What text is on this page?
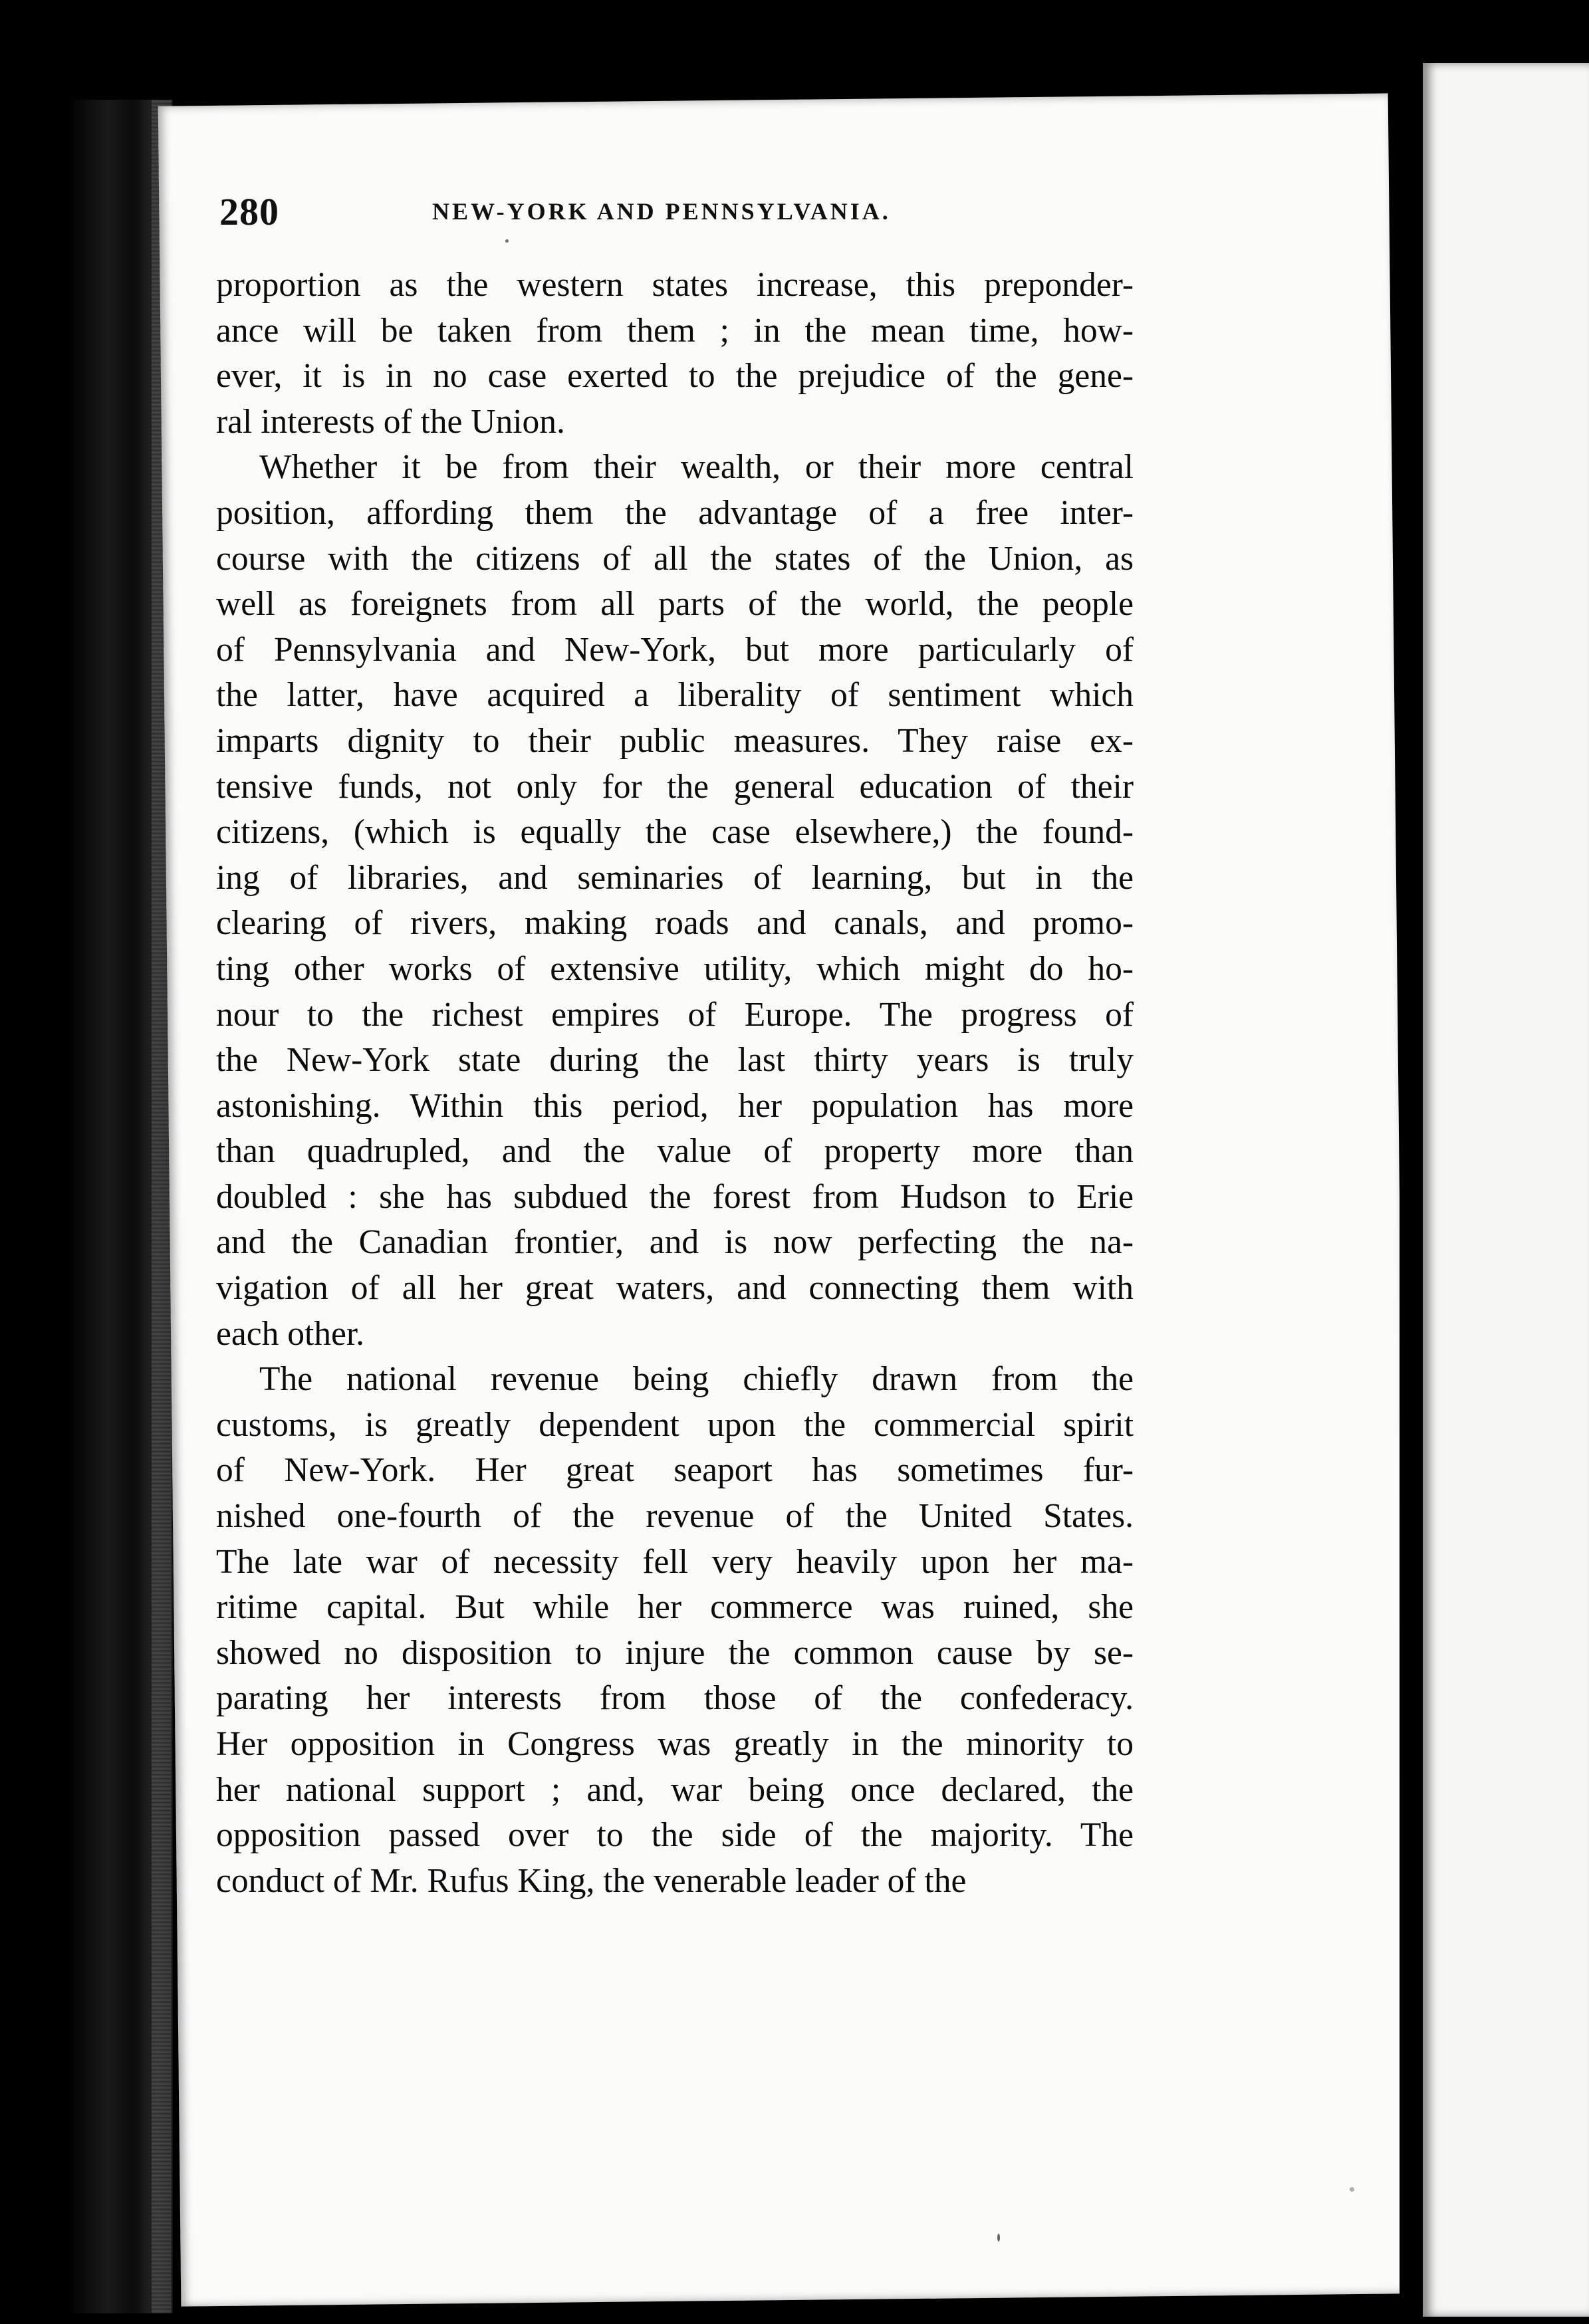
280	NEW-YORK AND PENNSYLVANIA.
proportion as the western states increase, this preponder-
ance will be taken from them ; in the mean time, how-
ever, it is in no case exerted to the prejudice of the gene-
ral interests of the Union.
Whether it be from their wealth, or their more central
position, affording them the advantage of a free inter-
course with the citizens of all the states of the Union, as
well as foreignets from all parts of the world, the people
of Pennsylvania and New-York, but more particularly of
the latter, have acquired a liberality of sentiment which
imparts dignity to their public measures. They raise ex-
tensive funds, not only for the general education of their
citizens, (which is equally the case elsewhere,) the found-
ing of libraries, and seminaries of learning, but in the
clearing of rivers, making roads and canals, and promo-
ting other works of extensive utility, which might do ho-
nour to the richest empires of Europe. The progress of
the New-York state during the last thirty years is truly
astonishing. Within this period, her population has more
than quadrupled, and the value of property more than
doubled : she has subdued the forest from Hudson to Erie
and the Canadian frontier, and is now perfecting the na-
vigation of all her great waters, and connecting them with
each other.
The national revenue being chiefly drawn from the
customs, is greatly dependent upon the commercial spirit
of New-York. Her great seaport has sometimes fur-
nished one-fourth of the revenue of the United States.
The late war of necessity fell very heavily upon her ma-
ritime capital. But while her commerce was ruined, she
showed no disposition to injure the common cause by se-
parating her interests from those of the confederacy.
Her opposition in Congress was greatly in the minority to
her national support ; and, war being once declared, the
opposition passed over to the side of the majority. The
conduct of Mr. Rufus King, the venerable leader of the
